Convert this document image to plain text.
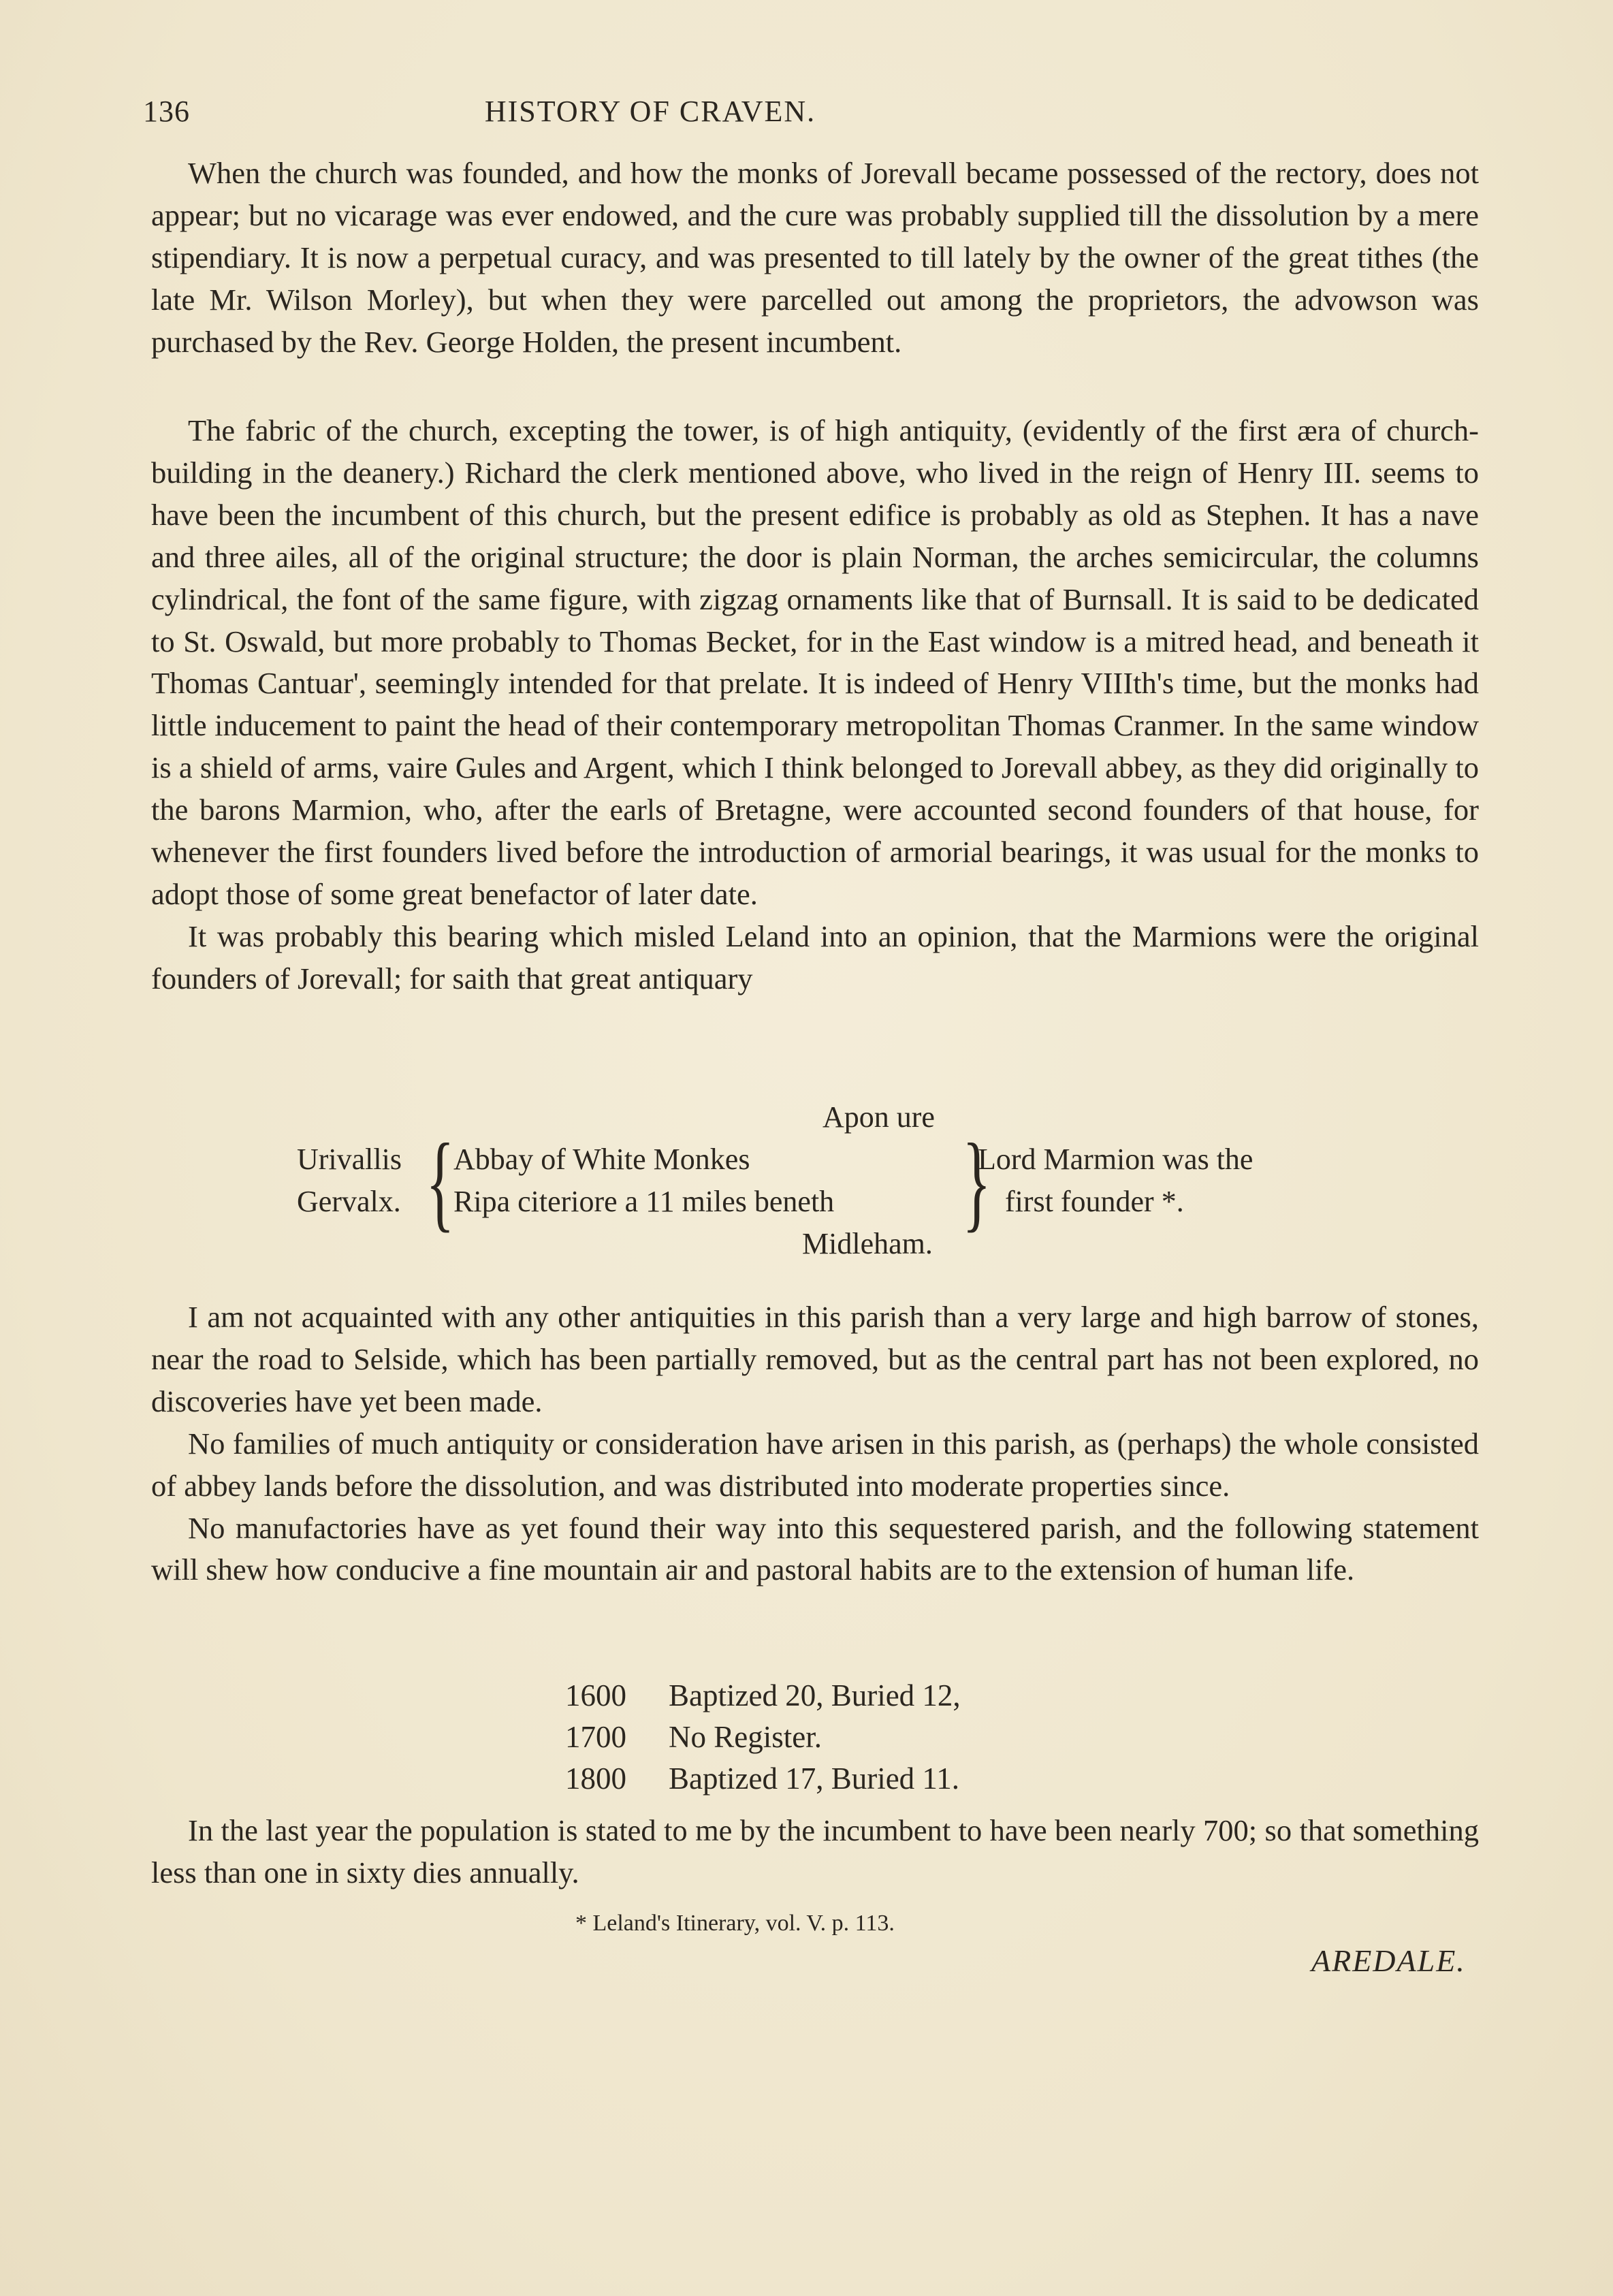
136	HISTORY OF CRAVEN.

When the church was founded, and how the monks of Jorevall became possessed of the rectory, does not appear; but no vicarage was ever endowed, and the cure was probably supplied till the dissolution by a mere stipendiary. It is now a perpetual curacy, and was presented to till lately by the owner of the great tithes (the late Mr. Wilson Morley), but when they were parcelled out among the proprietors, the advowson was purchased by the Rev. George Holden, the present incumbent.

The fabric of the church, excepting the tower, is of high antiquity, (evidently of the first æra of church-building in the deanery.) Richard the clerk mentioned above, who lived in the reign of Henry III. seems to have been the incumbent of this church, but the present edifice is probably as old as Stephen. It has a nave and three ailes, all of the original structure; the door is plain Norman, the arches semicircular, the columns cylindrical, the font of the same figure, with zigzag ornaments like that of Burnsall. It is said to be dedicated to St. Oswald, but more probably to Thomas Becket, for in the East window is a mitred head, and beneath it Thomas Cantuar', seemingly intended for that prelate. It is indeed of Henry VIIIth's time, but the monks had little inducement to paint the head of their contemporary metropolitan Thomas Cranmer. In the same window is a shield of arms, vaire Gules and Argent, which I think belonged to Jorevall abbey, as they did originally to the barons Marmion, who, after the earls of Bretagne, were accounted second founders of that house, for whenever the first founders lived before the introduction of armorial bearings, it was usual for the monks to adopt those of some great benefactor of later date.

It was probably this bearing which misled Leland into an opinion, that the Marmions were the original founders of Jorevall; for saith that great antiquary

Urivallis
Gervalx. {
Apon ure
Abbay of White Monkes
Ripa citeriore a 11 miles beneth
Midleham.
}
Lord Marmion was the
first founder *.

I am not acquainted with any other antiquities in this parish than a very large and high barrow of stones, near the road to Selside, which has been partially removed, but as the central part has not been explored, no discoveries have yet been made.

No families of much antiquity or consideration have arisen in this parish, as (perhaps) the whole consisted of abbey lands before the dissolution, and was distributed into moderate properties since.

No manufactories have as yet found their way into this sequestered parish, and the following statement will shew how conducive a fine mountain air and pastoral habits are to the extension of human life.

1600 Baptized 20, Buried 12,
1700 No Register.
1800 Baptized 17, Buried 11.

In the last year the population is stated to me by the incumbent to have been nearly 700; so that something less than one in sixty dies annually.

* Leland's Itinerary, vol. V. p. 113.
AREDALE.
